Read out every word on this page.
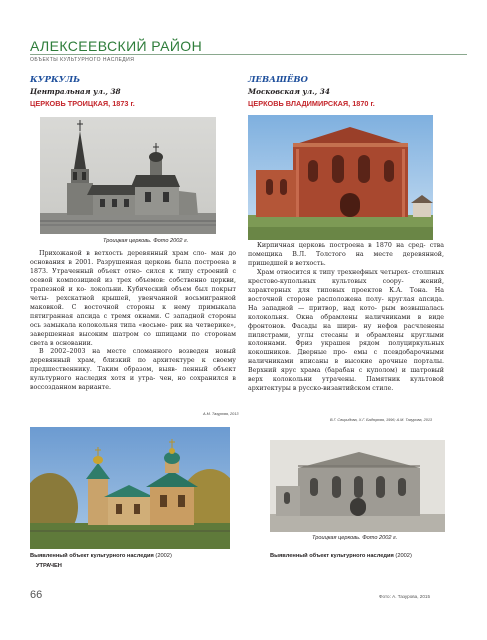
АЛЕКСЕЕВСКИЙ РАЙОН
ОБЪЕКТЫ КУЛЬТУРНОГО НАСЛЕДИЯ
КУРКУЛЬ
Центральная ул., 38
ЦЕРКОВЬ ТРОИЦКАЯ, 1873 г.
ЛЕВАШЁВО
Московская ул., 34
ЦЕРКОВЬ ВЛАДИМИРСКАЯ, 1870 г.
Троицкая церковь. Фото 2002 г.

Прихожаной в ветхость деревянный храм сло- ман до основания в 2001. Разрушенная церковь была построена в 1873. Утраченный объект отно- сился к типу строений с осевой композицией из трех объемов: собственно церкви, трапезной и ко- локольни. Кубический объем был покрыт четы- рехскатной крышей, увенчанной восьмигранной маковкой. С восточной стороны к нему примыкала пятигранная апсида с тремя окнами. С западной стороны ось замыкала колокольня типа «восьме- рик на четверике», завершенная высоким шатром со шпицами по сторонам света в основании.

В 2002–2003 на месте сломанного возведен новый деревянный храм, близкий по архитектуре к своему предшественнику. Таким образом, выяв- ленный объект культурного наследия хотя и утра- чен, но сохранился в воссозданном варианте.

А.М. Тазурова, 2013

Кирпичная церковь построена в 1870 на сред- ства помещика В.Л. Толстого на месте деревянной, пришедшей в ветхость.

Храм относится к типу трехнефных четырех- столпных крестово-купольных культовых соору-	жений, характерных для типовых проектов К.А. Тона. На восточной стороне расположена полу- круглая апсида. На западной — притвор, над кото- рым возвышалась колокольня. Окна обрамлены наличниками в виде фронтонов. Фасады на шири- ну нефов расчленены пилястрами, углы стесаны и обрамлены круглыми колоннами. Фриз украшен рядом полуциркульных кокошников. Дверные про- емы с псевдобарочными наличниками вписаны в высокие арочные порталы. Верхний ярус храма (барабан с куполом) и шатровый верх колокольни утрачены. Памятник культовой архитектуры в русско-византийском стиле.

В.Г. Свиридова, Х.Г. Бадюрова, 1996; А.М. Тазурова, 2013
Троицкая церковь. Фото 2002 г.
Выявленный объект культурного наследия (2002)
УТРАЧЕН
Выявленный объект культурного наследия (2002)
66	Фото: А. Тазурова, 2015
